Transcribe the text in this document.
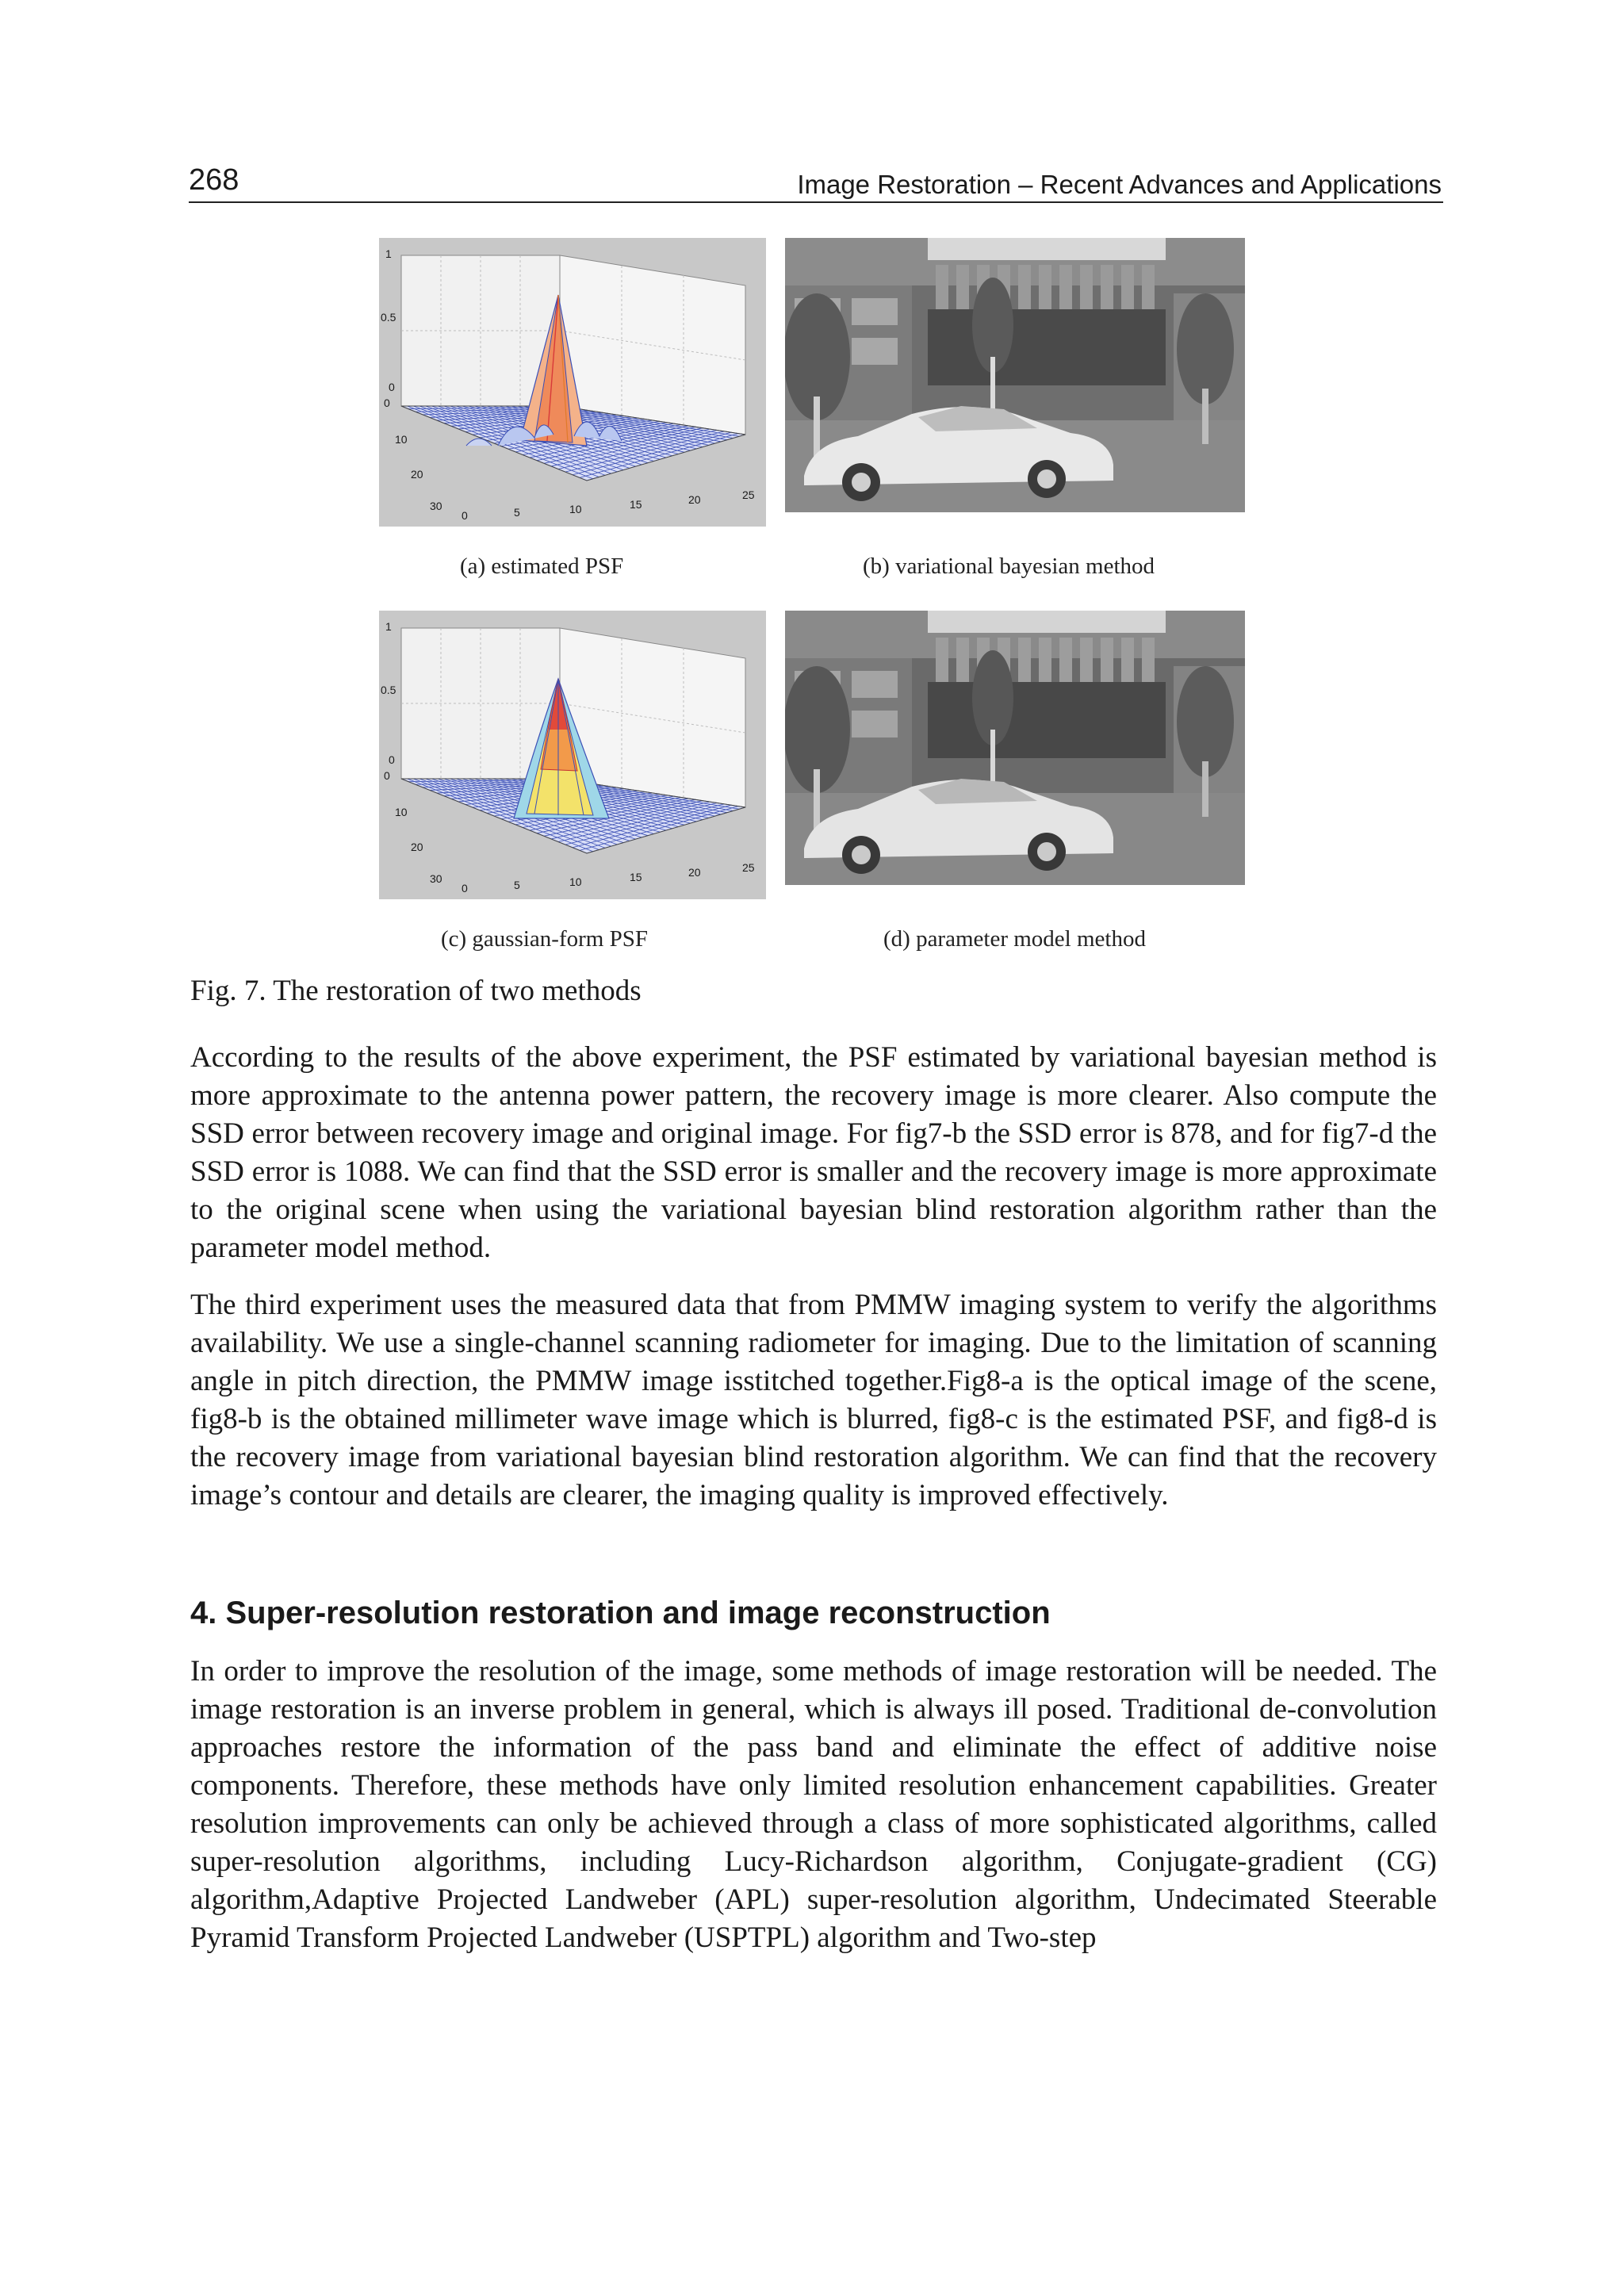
268	Image Restoration – Recent Advances and Applications
1
0.5
0
0
10
20
30
0	5	10	15	20	25
(a) estimated PSF	(b) variational bayesian method
1
0.5
0
0
10
20
30
0	5	10	15	20	25
(c) gaussian-form PSF	(d) parameter model method
Fig. 7. The restoration of two methods

According to the results of the above experiment, the PSF estimated by variational bayesian method is more approximate to the antenna power pattern, the recovery image is more clearer. Also compute the SSD error between recovery image and original image. For fig7-b the SSD error is 878, and for fig7-d the SSD error is 1088. We can find that the SSD error is smaller and the recovery image is more approximate to the original scene when using the variational bayesian blind restoration algorithm rather than the parameter model method.

The third experiment uses the measured data that from PMMW imaging system to verify the algorithms availability. We use a single-channel scanning radiometer for imaging. Due to the limitation of scanning angle in pitch direction, the PMMW image isstitched together.Fig8-a is the optical image of the scene, fig8-b is the obtained millimeter wave image which is blurred, fig8-c is the estimated PSF, and fig8-d is the recovery image from variational bayesian blind restoration algorithm. We can find that the recovery image’s contour and details are clearer, the imaging quality is improved effectively.

4. Super-resolution restoration and image reconstruction

In order to improve the resolution of the image, some methods of image restoration will be needed. The image restoration is an inverse problem in general, which is always ill posed. Traditional de-convolution approaches restore the information of the pass band and eliminate the effect of additive noise components. Therefore, these methods have only limited resolution enhancement capabilities. Greater resolution improvements can only be achieved through a class of more sophisticated algorithms, called super-resolution algorithms, including Lucy-Richardson algorithm, Conjugate-gradient (CG) algorithm,Adaptive Projected Landweber (APL) super-resolution algorithm, Undecimated Steerable Pyramid Transform Projected Landweber (USPTPL) algorithm and Two-step
